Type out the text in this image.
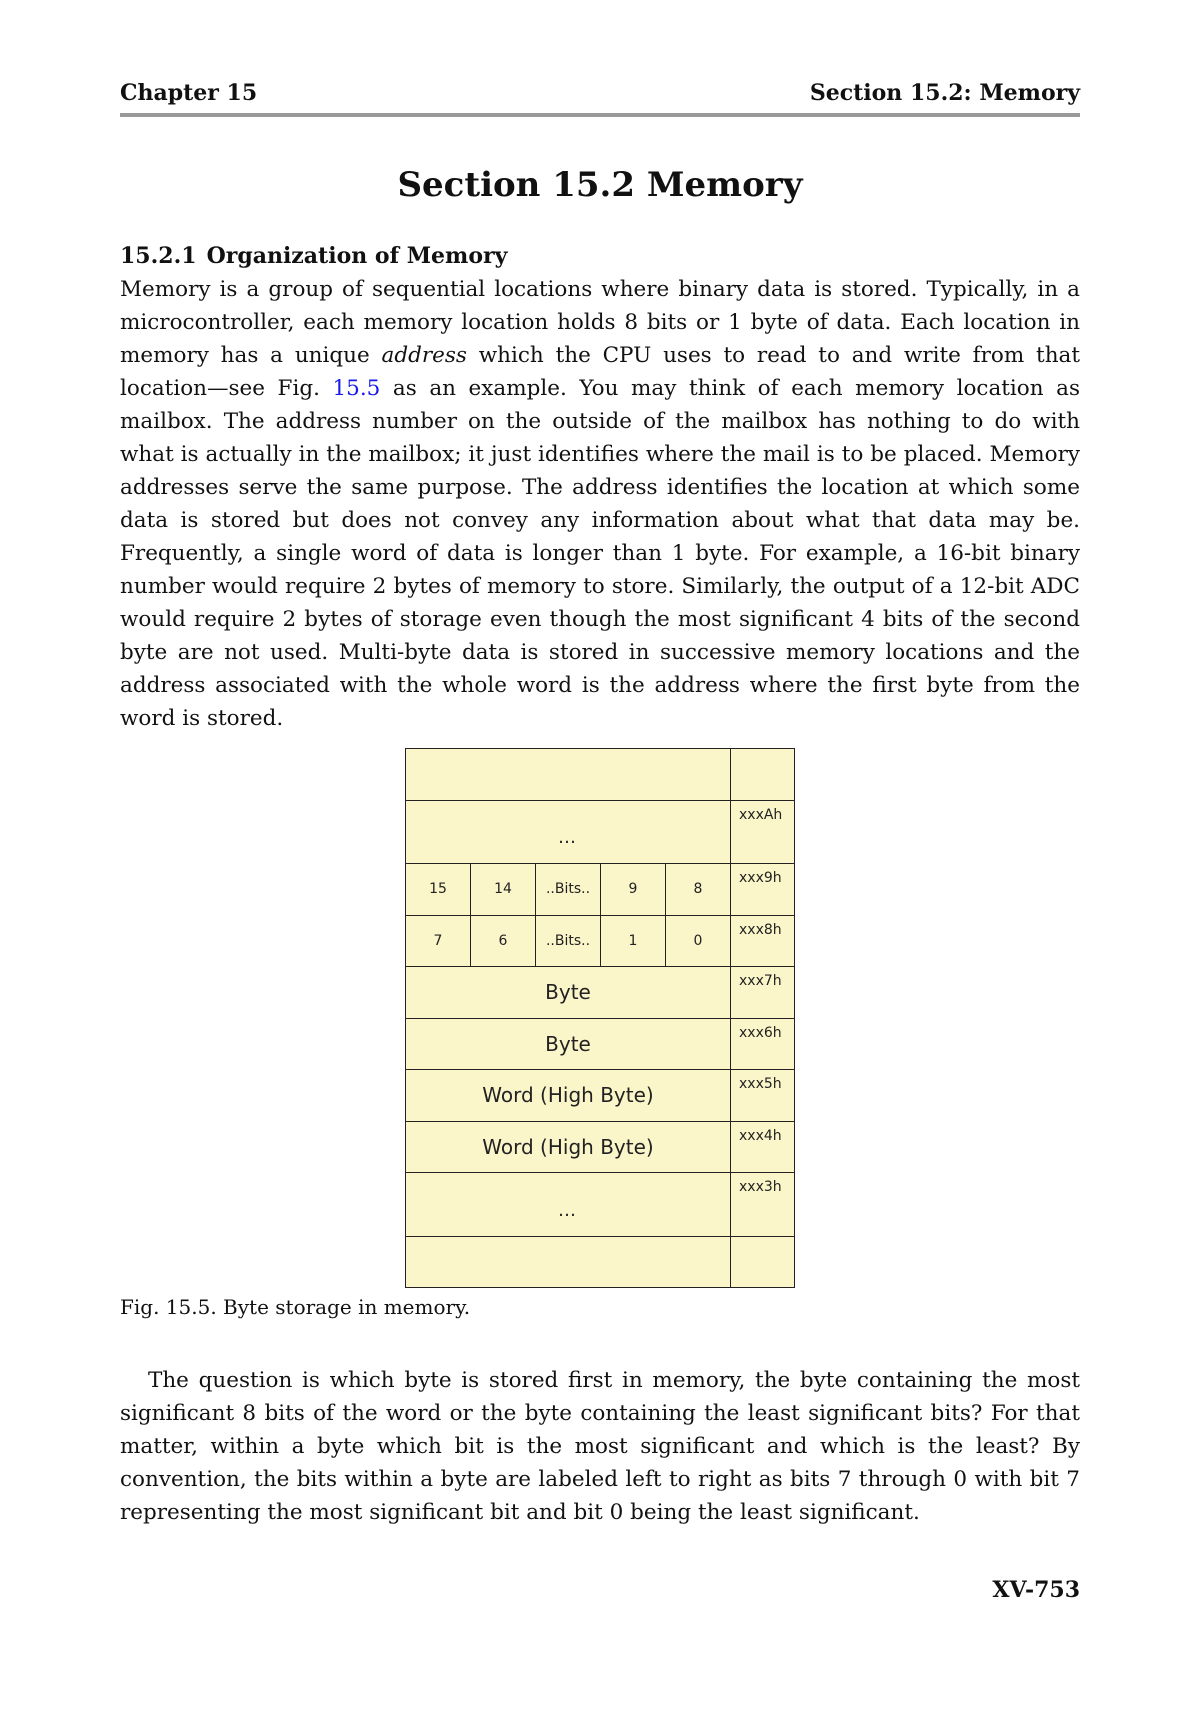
Chapter 15	Section 15.2: Memory
Section 15.2 Memory
15.2.1 Organization of Memory

Memory is a group of sequential locations where binary data is stored. Typically, in a microcontroller, each memory location holds 8 bits or 1 byte of data. Each location in memory has a unique address which the CPU uses to read to and write from that location—see Fig. 15.5 as an example. You may think of each memory location as mailbox. The address number on the outside of the mailbox has nothing to do with what is actually in the mailbox; it just identifies where the mail is to be placed. Memory addresses serve the same purpose. The address identifies the location at which some data is stored but does not convey any information about what that data may be. Frequently, a single word of data is longer than 1 byte. For example, a 16-bit binary number would require 2 bytes of memory to store. Similarly, the output of a 12-bit ADC would require 2 bytes of storage even though the most significant 4 bits of the second byte are not used. Multi-byte data is stored in successive memory locations and the address associated with the whole word is the address where the first byte from the word is stored.

…					xxxAh
15	14	..Bits..	9	8	xxx9h
7	6	..Bits..	1	0	xxx8h
Byte					xxx7h
Byte					xxx6h
Word (High Byte)					xxx5h
Word (High Byte)					xxx4h
…					xxx3h

Fig. 15.5. Byte storage in memory.

The question is which byte is stored first in memory, the byte containing the most significant 8 bits of the word or the byte containing the least significant bits? For that matter, within a byte which bit is the most significant and which is the least? By convention, the bits within a byte are labeled left to right as bits 7 through 0 with bit 7 representing the most significant bit and bit 0 being the least significant.

XV-753
